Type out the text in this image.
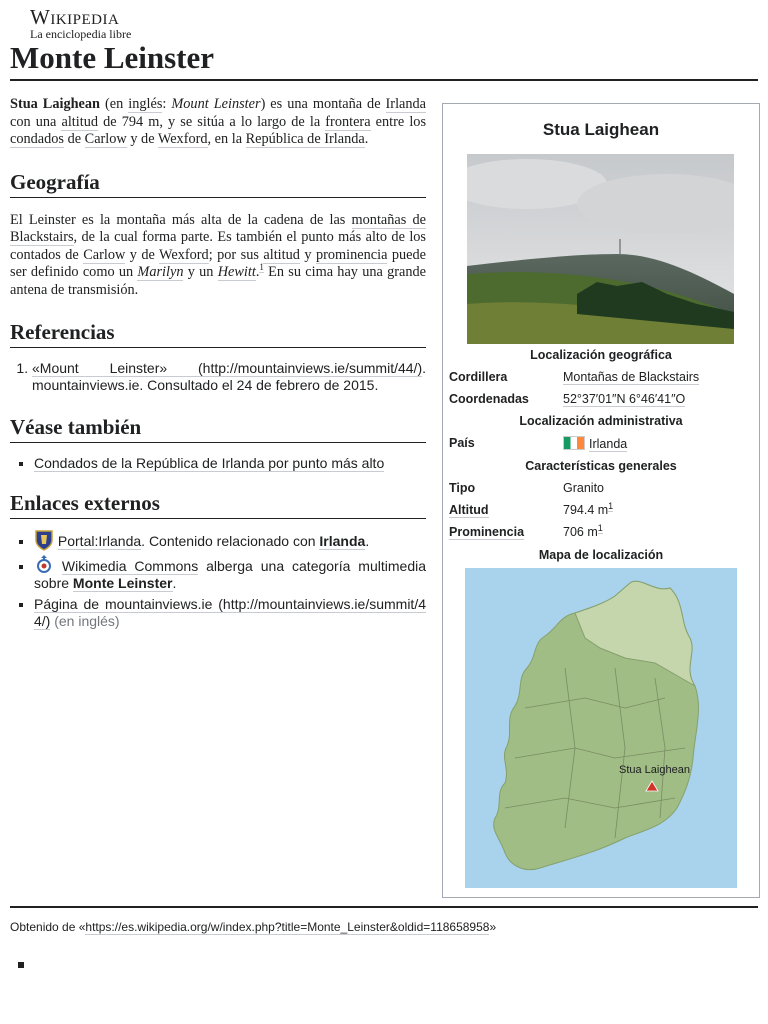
Wikipedia
La enciclopedia libre
Monte Leinster

Stua Laighean (en inglés: Mount Leinster) es una montaña de Irlanda con una altitud de 794 m, y se sitúa a lo largo de la frontera entre los condados de Carlow y de Wexford, en la República de Irlanda.

Geografía

El Leinster es la montaña más alta de la cadena de las montañas de Blackstairs, de la cual forma parte. Es también el punto más alto de los contados de Carlow y de Wexford; por sus altitud y prominencia puede ser definido como un Marilyn y un Hewitt.$^1$ En su cima hay una grande antena de transmisión.

Referencias
1. «Mount Leinster» (http://mountainviews.ie/summit/44/). mountainviews.ie. Consultado el 24 de febrero de 2015.
Véase también
▪ Condados de la República de Irlanda por punto más alto
Enlaces externos
▪ Portal:Irlanda. Contenido relacionado con Irlanda.
▪ Wikimedia Commons alberga una categoría multimedia sobre Monte Leinster.
▪ Página de mountainviews.ie (http://mountainviews.ie/summit/44/) (en inglés)
Stua Laighean
Localización geográfica
Cordillera	Montañas de Blackstairs
Coordenadas	52°37′01″N 6°46′41″O
Localización administrativa
País	Irlanda
Características generales
Tipo	Granito
Altitud	794.4 m$^1$
Prominencia	706 m$^1$
Mapa de localización
Stua Laighean
Obtenido de «https://es.wikipedia.org/w/index.php?title=Monte_Leinster&oldid=118658958»
